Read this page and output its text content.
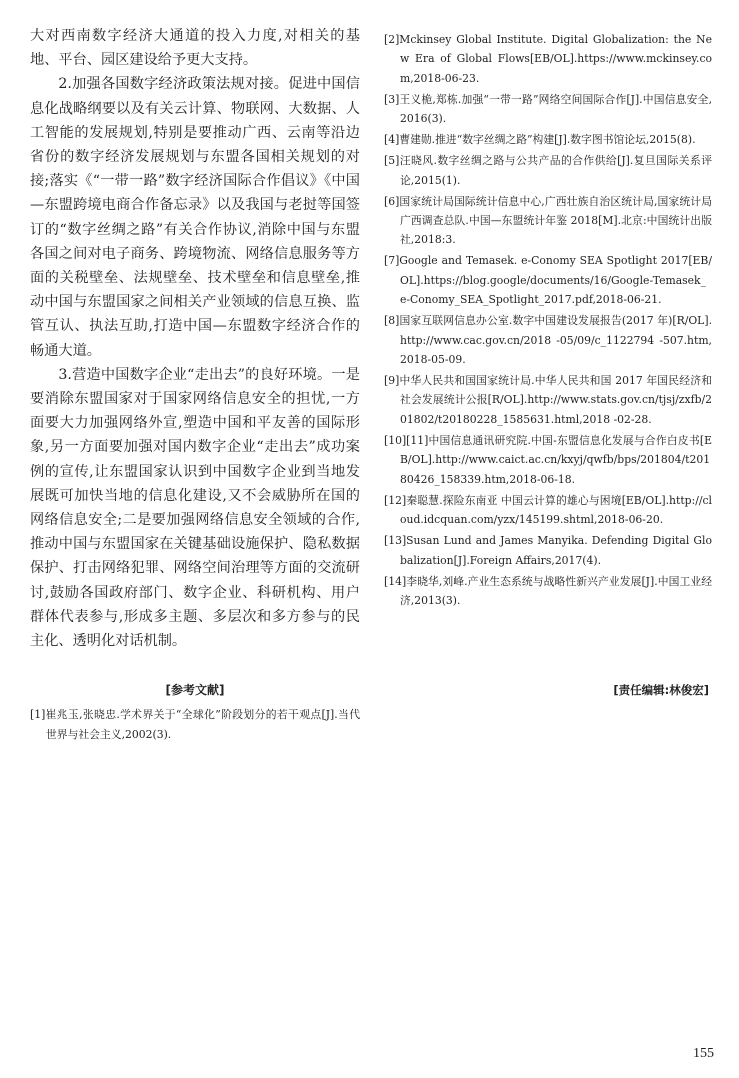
大对西南数字经济大通道的投入力度,对相关的基地、平台、园区建设给予更大支持。

2.加强各国数字经济政策法规对接。促进中国信息化战略纲要以及有关云计算、物联网、大数据、人工智能的发展规划,特别是要推动广西、云南等沿边省份的数字经济发展规划与东盟各国相关规划的对接;落实《“一带一路”数字经济国际合作倡议》《中国—东盟跨境电商合作备忘录》以及我国与老挝等国签订的“数字丝绸之路”有关合作协议,消除中国与东盟各国之间对电子商务、跨境物流、网络信息服务等方面的关税壁垒、法规壁垒、技术壁垒和信息壁垒,推动中国与东盟国家之间相关产业领域的信息互换、监管互认、执法互助,打造中国—东盟数字经济合作的畅通大道。

3.营造中国数字企业“走出去”的良好环境。一是要消除东盟国家对于国家网络信息安全的担忧,一方面要大力加强网络外宣,塑造中国和平友善的国际形象,另一方面要加强对国内数字企业“走出去”成功案例的宣传,让东盟国家认识到中国数字企业到当地发展既可加快当地的信息化建设,又不会威胁所在国的网络信息安全;二是要加强网络信息安全领域的合作,推动中国与东盟国家在关键基础设施保护、隐私数据保护、打击网络犯罪、网络空间治理等方面的交流研讨,鼓励各国政府部门、数字企业、科研机构、用户群体代表参与,形成多主题、多层次和多方参与的民主化、透明化对话机制。

[参考文献]
[1]崔兆玉,张晓忠.学术界关于“全球化”阶段划分的若干观点[J].当代世界与社会主义,2002(3).
[2]Mckinsey Global Institute. Digital Globalization: the New Era of Global Flows[EB/OL].https://www.mckinsey.com,2018-06-23.
[3]王义桅,郑栋.加强“一带一路”网络空间国际合作[J].中国信息安全,2016(3).
[4]曹建勋.推进“数字丝绸之路”构建[J].数字图书馆论坛,2015(8).
[5]汪晓风.数字丝绸之路与公共产品的合作供给[J].复旦国际关系评论,2015(1).
[6]国家统计局国际统计信息中心,广西壮族自治区统计局,国家统计局广西调查总队.中国—东盟统计年鉴 2018[M].北京:中国统计出版社,2018:3.
[7]Google and Temasek. e-Conomy SEA Spotlight 2017[EB/OL].https://blog.google/documents/16/Google-Temasek_e-Conomy_SEA_Spotlight_2017.pdf,2018-06-21.
[8]国家互联网信息办公室.数字中国建设发展报告(2017 年)[R/OL].http://www.cac.gov.cn/2018 -05/09/c_1122794 -507.htm,2018-05-09.
[9]中华人民共和国国家统计局.中华人民共和国 2017 年国民经济和社会发展统计公报[R/OL].http://www.stats.gov.cn/tjsj/zxfb/201802/t20180228_1585631.html,2018 -02-28.
[10][11]中国信息通讯研究院.中国-东盟信息化发展与合作白皮书[EB/OL].http://www.caict.ac.cn/kxyj/qwfb/bps/201804/t20180426_158339.htm,2018-06-18.
[12]秦聪慧.探险东南亚 中国云计算的雄心与困境[EB/OL].http://cloud.idcquan.com/yzx/145199.shtml,2018-06-20.
[13]Susan Lund and James Manyika. Defending Digital Globalization[J].Foreign Affairs,2017(4).
[14]李晓华,刘峰.产业生态系统与战略性新兴产业发展[J].中国工业经济,2013(3).
[责任编辑:林俊宏]
155
